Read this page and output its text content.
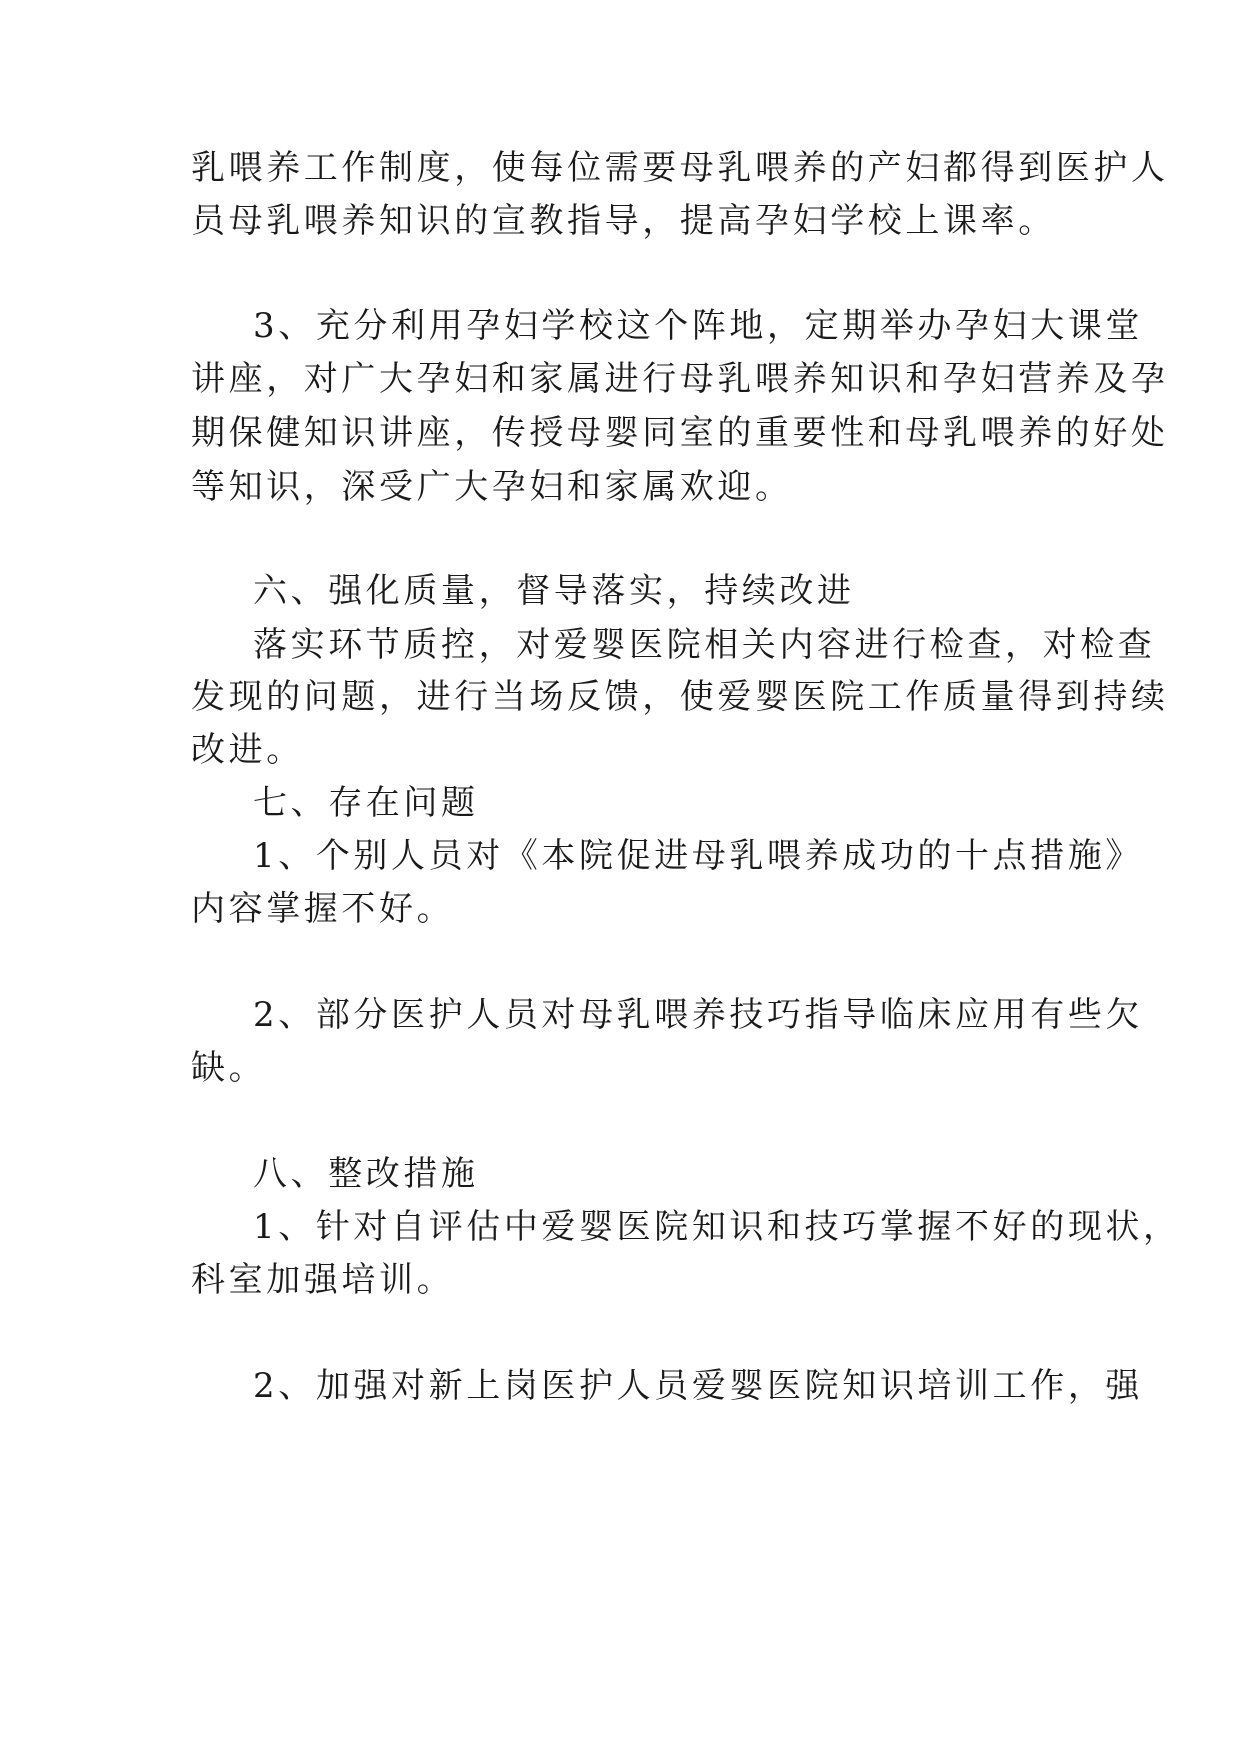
乳喂养工作制度，使每位需要母乳喂养的产妇都得到医护人
员母乳喂养知识的宣教指导，提高孕妇学校上课率。
3、充分利用孕妇学校这个阵地，定期举办孕妇大课堂
讲座，对广大孕妇和家属进行母乳喂养知识和孕妇营养及孕
期保健知识讲座，传授母婴同室的重要性和母乳喂养的好处
等知识，深受广大孕妇和家属欢迎。
六、强化质量，督导落实，持续改进
落实环节质控，对爱婴医院相关内容进行检查，对检查
发现的问题，进行当场反馈，使爱婴医院工作质量得到持续
改进。
七、存在问题
1、个别人员对《本院促进母乳喂养成功的十点措施》
内容掌握不好。
2、部分医护人员对母乳喂养技巧指导临床应用有些欠
缺。
八、整改措施
1、针对自评估中爱婴医院知识和技巧掌握不好的现状，
科室加强培训。
2、加强对新上岗医护人员爱婴医院知识培训工作，强
